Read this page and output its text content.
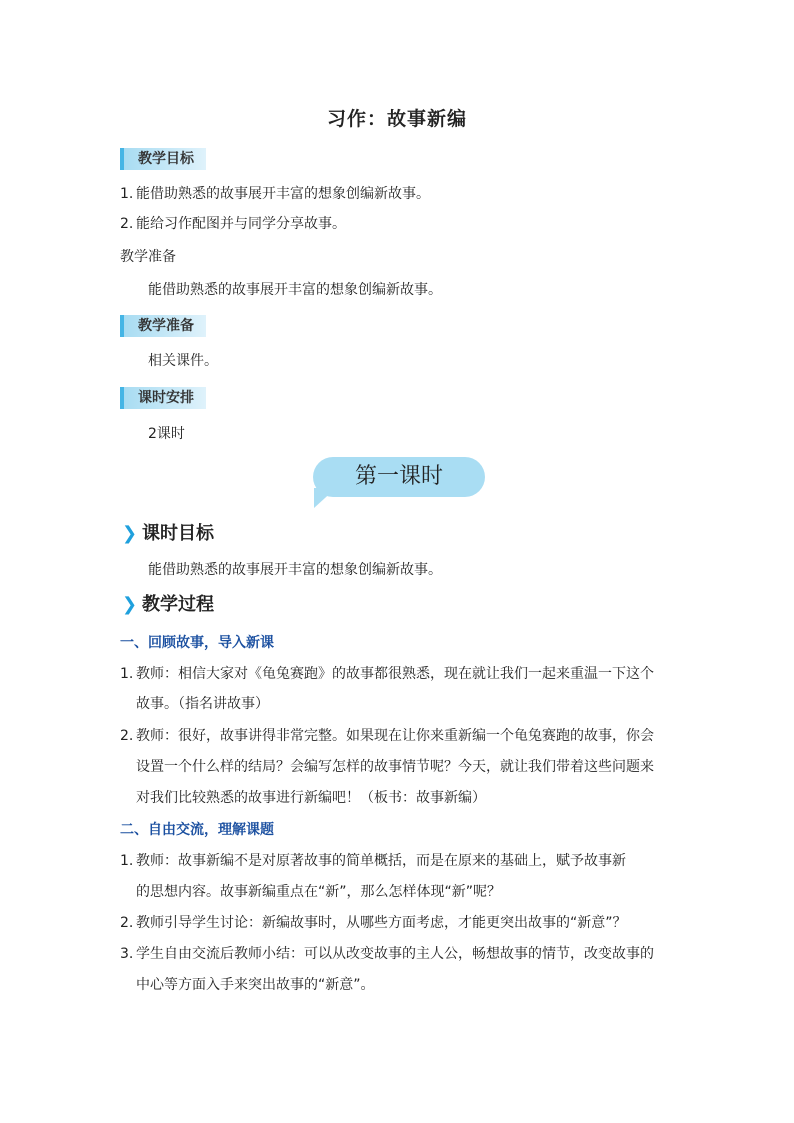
习作：故事新编
教学目标
1. 能借助熟悉的故事展开丰富的想象创编新故事。
2. 能给习作配图并与同学分享故事。
教学准备
能借助熟悉的故事展开丰富的想象创编新故事。
教学准备
相关课件。
课时安排
2课时
第一课时
❯ 课时目标
能借助熟悉的故事展开丰富的想象创编新故事。
❯ 教学过程
一、回顾故事，导入新课
1. 教师：相信大家对《龟兔赛跑》的故事都很熟悉，现在就让我们一起来重温一下这个
故事。（指名讲故事）
2. 教师：很好，故事讲得非常完整。如果现在让你来重新编一个龟兔赛跑的故事，你会
设置一个什么样的结局？会编写怎样的故事情节呢？今天，就让我们带着这些问题来
对我们比较熟悉的故事进行新编吧！（板书：故事新编）
二、自由交流，理解课题
1. 教师：故事新编不是对原著故事的简单概括，而是在原来的基础上，赋予故事新
的思想内容。故事新编重点在“新”，那么怎样体现“新”呢？
2. 教师引导学生讨论：新编故事时，从哪些方面考虑，才能更突出故事的“新意”？
3. 学生自由交流后教师小结：可以从改变故事的主人公，畅想故事的情节，改变故事的
中心等方面入手来突出故事的“新意”。
